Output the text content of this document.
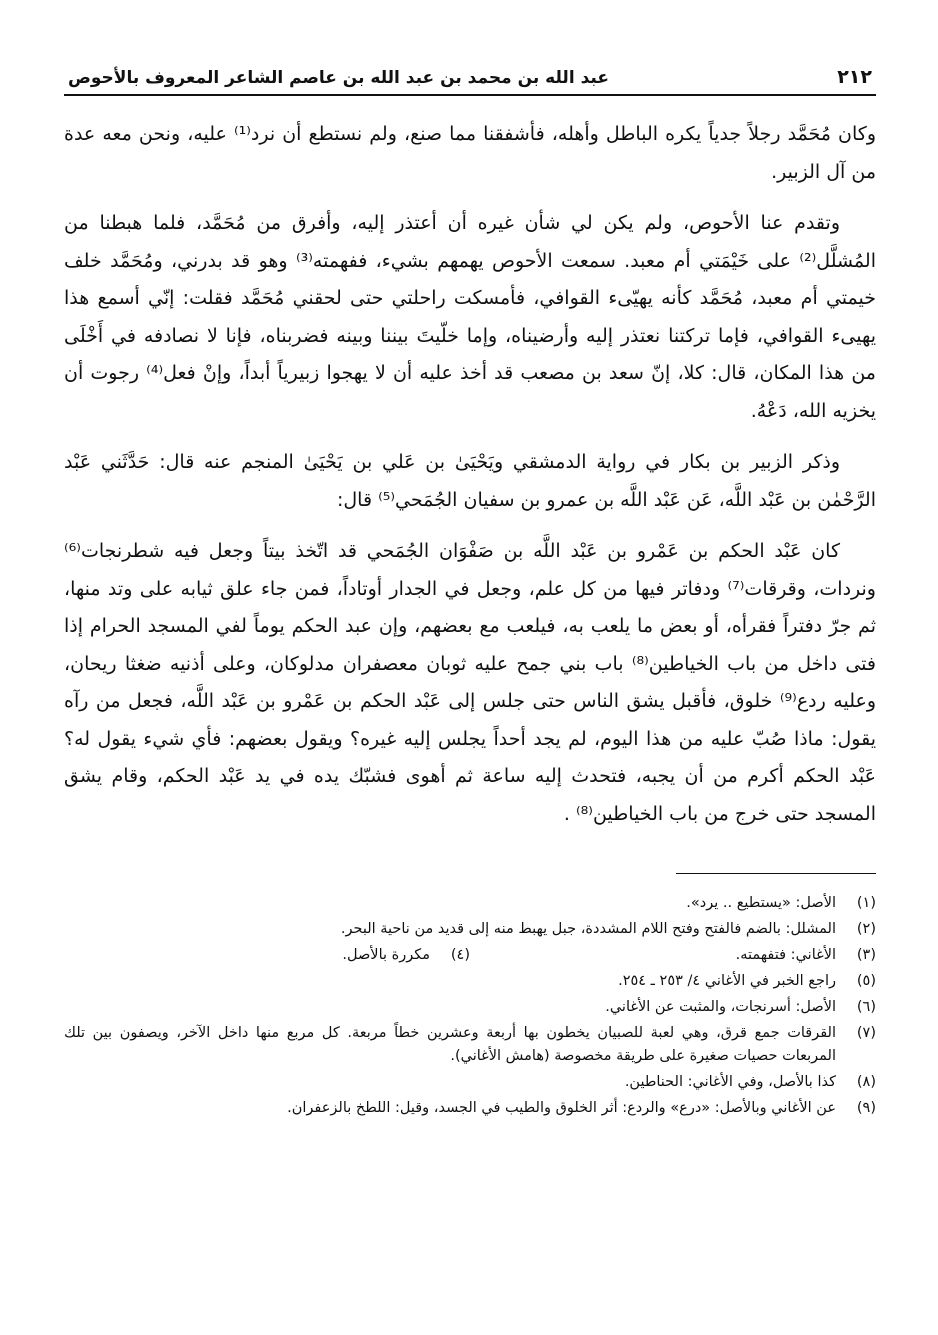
٢١٢
عبد الله بن محمد بن عبد الله بن عاصم الشاعر المعروف بالأحوص

وكان مُحَمَّد رجلاً جدياً يكره الباطل وأهله، فأشفقنا مما صنع، ولم نستطع أن نرد⁽¹⁾ عليه، ونحن معه عدة من آل الزبير.

وتقدم عنا الأحوص، ولم يكن لي شأن غيره أن أعتذر إليه، وأفرق من مُحَمَّد، فلما هبطنا من المُشلَّل⁽²⁾ على خَيْمَتي أم معبد. سمعت الأحوص يهمهم بشيء، ففهمته⁽³⁾ وهو قد بدرني، ومُحَمَّد خلف خيمتي أم معبد، مُحَمَّد كأنه يهيّىء القوافي، فأمسكت راحلتي حتى لحقني مُحَمَّد فقلت: إنّي أسمع هذا يهيىء القوافي، فإما تركتنا نعتذر إليه وأرضيناه، وإما خلّيتَ بيننا وبينه فضربناه، فإنا لا نصادفه في أَخْلَى من هذا المكان، قال: كلا، إنّ سعد بن مصعب قد أخذ عليه أن لا يهجوا زبيرياً أبداً، وإنْ فعل⁽⁴⁾ رجوت أن يخزيه الله، دَعْهُ.

وذكر الزبير بن بكار في رواية الدمشقي ويَحْيَىٰ بن عَلي بن يَحْيَىٰ المنجم عنه قال: حَدَّثَني عَبْد الرَّحْمٰن بن عَبْد اللَّه، عَن عَبْد اللَّه بن عمرو بن سفيان الجُمَحي⁽⁵⁾ قال:

كان عَبْد الحكم بن عَمْرو بن عَبْد اللَّه بن صَفْوَان الجُمَحي قد اتّخذ بيتاً وجعل فيه شطرنجات⁽⁶⁾ ونردات، وقرقات⁽⁷⁾ ودفاتر فيها من كل علم، وجعل في الجدار أوتاداً، فمن جاء علق ثيابه على وتد منها، ثم جرّ دفتراً فقرأه، أو بعض ما يلعب به، فيلعب مع بعضهم، وإن عبد الحكم يوماً لفي المسجد الحرام إذا فتى داخل من باب الخياطين⁽⁸⁾ باب بني جمح عليه ثوبان معصفران مدلوكان، وعلى أذنيه ضغثا ريحان، وعليه ردع⁽⁹⁾ خلوق، فأقبل يشق الناس حتى جلس إلى عَبْد الحكم بن عَمْرو بن عَبْد اللَّه، فجعل من رآه يقول: ماذا صُبّ عليه من هذا اليوم، لم يجد أحداً يجلس إليه غيره؟ ويقول بعضهم: فأي شيء يقول له؟ عَبْد الحكم أكرم من أن يجبه، فتحدث إليه ساعة ثم أهوى فشبّك يده في يد عَبْد الحكم، وقام يشق المسجد حتى خرج من باب الخياطين⁽⁸⁾ .

(١)
الأصل: «يستطيع .. يرد».
(٢)
المشلل: بالضم فالفتح وفتح اللام المشددة، جبل يهبط منه إلى قديد من ناحية البحر.
(٣)
الأغاني: فتفهمته.
(٤)
مكررة بالأصل.
(٥)
راجع الخبر في الأغاني ٤/ ٢٥٣ ـ ٢٥٤.
(٦)
الأصل: أسرنجات، والمثبت عن الأغاني.
(٧)
القرقات جمع قرق، وهي لعبة للصبيان يخطون بها أربعة وعشرين خطاً مربعة. كل مربع منها داخل الآخر، ويصفون بين تلك المربعات حصيات صغيرة على طريقة مخصوصة (هامش الأغاني).
(٨)
كذا بالأصل، وفي الأغاني: الحناطين.
(٩)
عن الأغاني وبالأصل: «درع» والردع: أثر الخلوق والطيب في الجسد، وقيل: اللطخ بالزعفران.
